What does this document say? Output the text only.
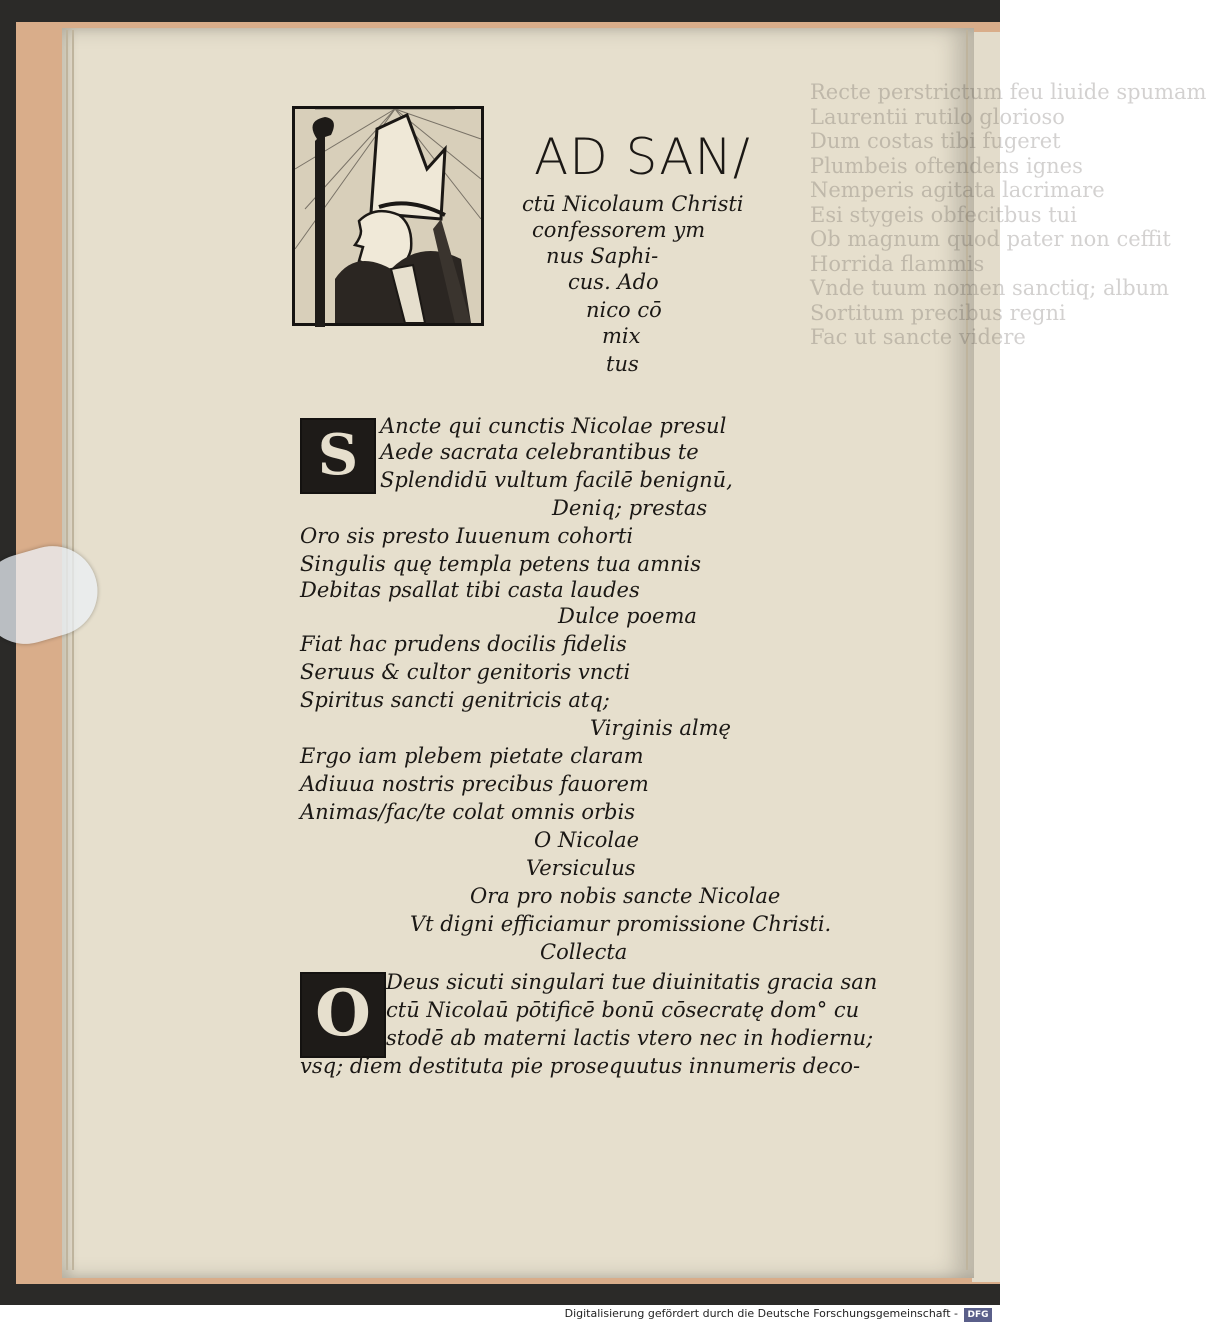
Recte perstrictum feu liuide spumam
Laurentii rutilo glorioso
Dum costas tibi fugeret
Plumbeis oftendens ignes
Nemperis agitata lacrimare
Esi stygeis obfecitbus tui
Ob magnum quod pater non ceffit
Horrida flammis
Vnde tuum nomen sanctiq; album
Sortitum precibus regni
Fac ut sancte videre
AD SAN/
ctū Nicolaum Christi
confessorem ym
nus Saphi-
cus. Ado
nico cō
mix
tus
S	Ancte qui cunctis Nicolae presul
Aede sacrata celebrantibus te
Splendidū vultum facilē benignū,
Deniq; prestas
Oro sis presto Iuuenum cohorti
Singulis quę templa petens tua amnis
Debitas psallat tibi casta laudes
Dulce poema
Fiat hac prudens docilis fidelis
Seruus & cultor genitoris vncti
Spiritus sancti genitricis atq;
Virginis almę
Ergo iam plebem pietate claram
Adiuua nostris precibus fauorem
Animas/fac/te colat omnis orbis
O Nicolae
Versiculus
Ora pro nobis sancte Nicolae
Vt digni efficiamur promissione Christi.
Collecta
O Deus sicuti singulari tue diuinitatis gracia san
ctū Nicolaū pōtificē bonū cōsecratę dom° cu
stodē ab materni lactis vtero nec in hodiernu;
vsq; diem destituta pie prosequutus innumeris deco-
Digitalisierung gefördert durch die Deutsche Forschungsgemeinschaft -	DFG
